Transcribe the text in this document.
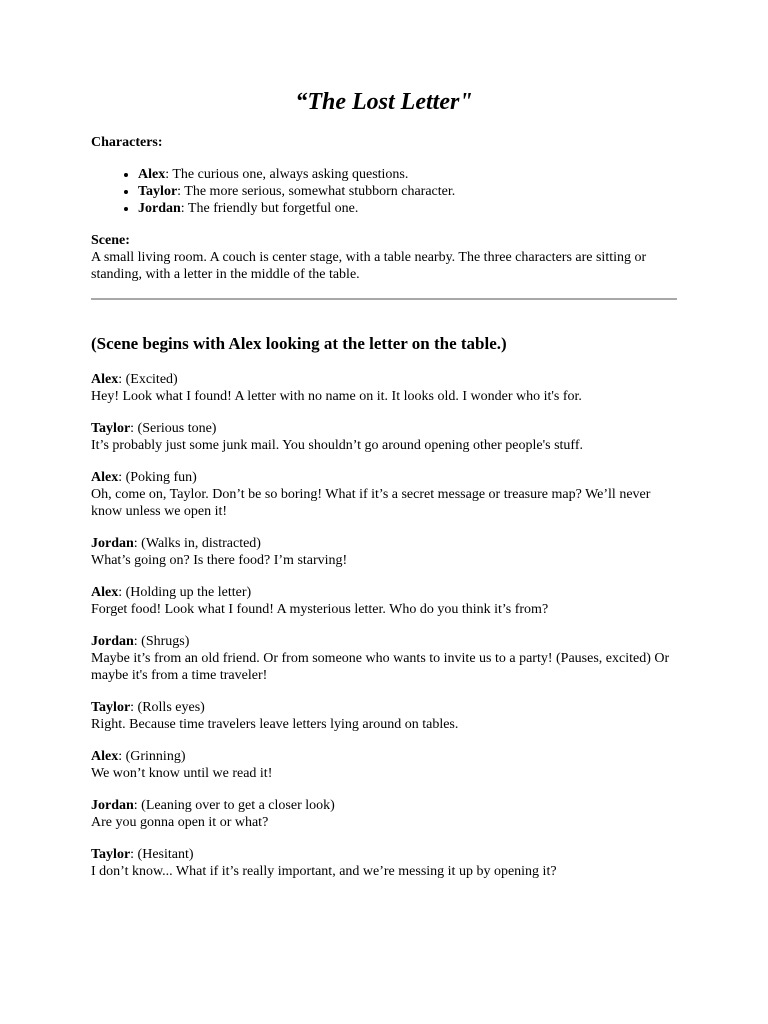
“The Lost Letter"

Characters:

• Alex: The curious one, always asking questions.
• Taylor: The more serious, somewhat stubborn character.
• Jordan: The friendly but forgetful one.

Scene:

A small living room. A couch is center stage, with a table nearby. The three characters are sitting or standing, with a letter in the middle of the table.

(Scene begins with Alex looking at the letter on the table.)

Alex: (Excited)

Hey! Look what I found! A letter with no name on it. It looks old. I wonder who it's for.

Taylor: (Serious tone)

It’s probably just some junk mail. You shouldn’t go around opening other people's stuff.

Alex: (Poking fun)

Oh, come on, Taylor. Don’t be so boring! What if it’s a secret message or treasure map? We’ll never know unless we open it!

Jordan: (Walks in, distracted)

What’s going on? Is there food? I’m starving!

Alex: (Holding up the letter)

Forget food! Look what I found! A mysterious letter. Who do you think it’s from?

Jordan: (Shrugs)

Maybe it’s from an old friend. Or from someone who wants to invite us to a party! (Pauses, excited) Or maybe it's from a time traveler!

Taylor: (Rolls eyes)

Right. Because time travelers leave letters lying around on tables.

Alex: (Grinning)

We won’t know until we read it!

Jordan: (Leaning over to get a closer look)

Are you gonna open it or what?

Taylor: (Hesitant)

I don’t know... What if it’s really important, and we’re messing it up by opening it?
